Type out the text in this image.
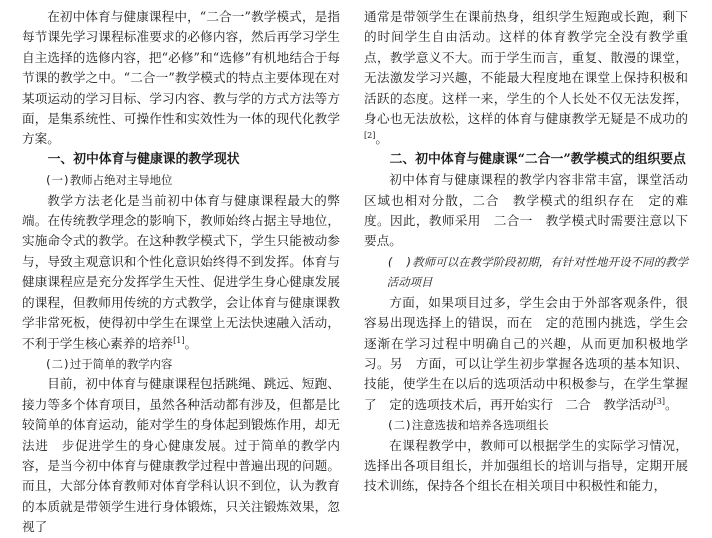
在初中体育与健康课程中，“二合一”教学模式，是指每节课先学习课程标准要求的必修内容，然后再学习学生自主选择的选修内容，把“必修”和“选修”有机地结合于每节课的教学之中。“二合一”教学模式的特点主要体现在对某项运动的学习目标、学习内容、教与学的方式方法等方面，是集系统性、可操作性和实效性为一体的现代化教学方案。

一、初中体育与健康课的教学现状
(一)教师占绝对主导地位

教学方法老化是当前初中体育与健康课程最大的弊端。在传统教学理念的影响下，教师始终占据主导地位，实施命令式的教学。在这种教学模式下，学生只能被动参与，导致主观意识和个性化意识始终得不到发挥。体育与健康课程应是充分发挥学生天性、促进学生身心健康发展的课程，但教师用传统的方式教学，会让体育与健康课教学非常死板，使得初中学生在课堂上无法快速融入活动，不利于学生核心素养的培养[1]。

(二)过于简单的教学内容

目前，初中体育与健康课程包括跳绳、跳远、短跑、接力等多个体育项目，虽然各种活动都有涉及，但都是比较简单的体育运动，能对学生的身体起到锻炼作用，却无法进　步促进学生的身心健康发展。过于简单的教学内容，是当今初中体育与健康教学过程中普遍出现的问题。而且，大部分体育教师对体育学科认识不到位，认为教育的本质就是带领学生进行身体锻炼，只关注锻炼效果，忽视了

通常是带领学生在课前热身，组织学生短跑或长跑，剩下的时间学生自由活动。这样的体育教学完全没有教学重点，教学意义不大。而于学生而言，重复、散漫的课堂，无法激发学习兴趣，不能最大程度地在课堂上保持积极和活跃的态度。这样一来，学生的个人长处不仅无法发挥，身心也无法放松，这样的体育与健康教学无疑是不成功的[2]。

二、初中体育与健康课“二合一”教学模式的组织要点

初中体育与健康课程的教学内容非常丰富，课堂活动区域也相对分散，二合　教学模式的组织存在　定的难度。因此，教师采用　二合一　教学模式时需要注意以下要点。

(　)教师可以在教学阶段初期，有针对性地开设不同的教学活动项目

方面，如果项目过多，学生会由于外部客观条件，很容易出现选择上的错误，而在　定的范围内挑选，学生会逐渐在学习过程中明确自己的兴趣，从而更加积极地学习。另　方面，可以让学生初步掌握各选项的基本知识、技能，使学生在以后的选项活动中积极参与，在学生掌握了　定的选项技术后，再开始实行　二合　教学活动[3]。

(二)注意选拔和培养各选项组长

在课程教学中，教师可以根据学生的实际学习情况，选择出各项目组长，并加强组长的培训与指导，定期开展技术训练，保持各个组长在相关项目中积极性和能力，
